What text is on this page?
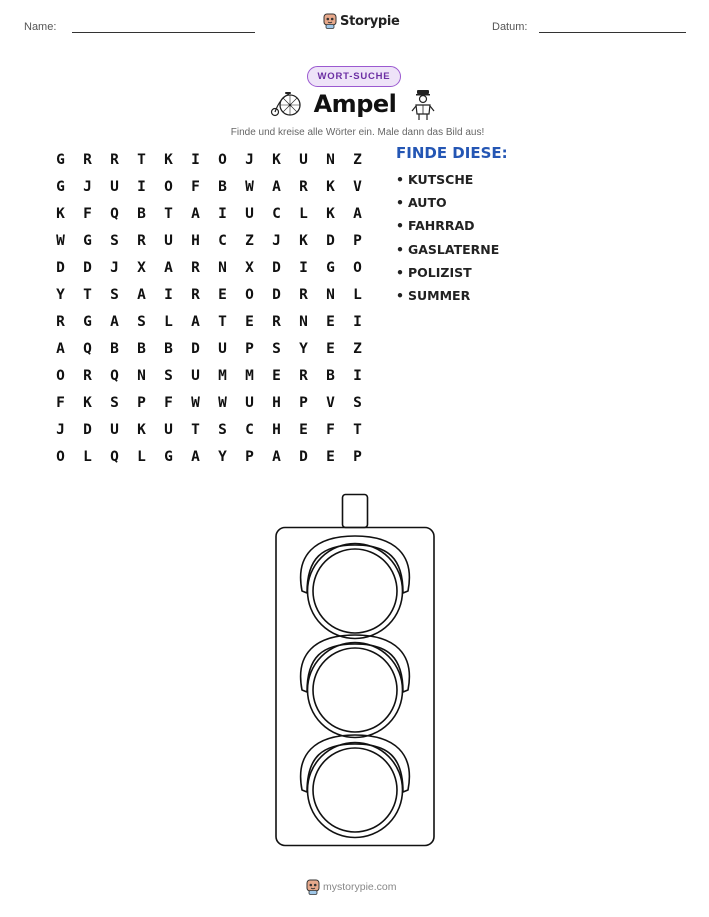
Name:	Storypie	Datum:
WORT-SUCHE
Ampel
Finde und kreise alle Wörter ein. Male dann das Bild aus!
G	R	R	T	K	I	O	J	K	U	N	Z
G	J	U	I	O	F	B	W	A	R	K	V
K	F	Q	B	T	A	I	U	C	L	K	A
W	G	S	R	U	H	C	Z	J	K	D	P
D	D	J	X	A	R	N	X	D	I	G	O
Y	T	S	A	I	R	E	O	D	R	N	L
R	G	A	S	L	A	T	E	R	N	E	I
A	Q	B	B	B	D	U	P	S	Y	E	Z
O	R	Q	N	S	U	M	M	E	R	B	I
F	K	S	P	F	W	W	U	H	P	V	S
J	D	U	K	U	T	S	C	H	E	F	T
O	L	Q	L	G	A	Y	P	A	D	E	P
FINDE DIESE:
• KUTSCHE
• AUTO
• FAHRRAD
• GASLATERNE
• POLIZIST
• SUMMER
mystorypie.com
